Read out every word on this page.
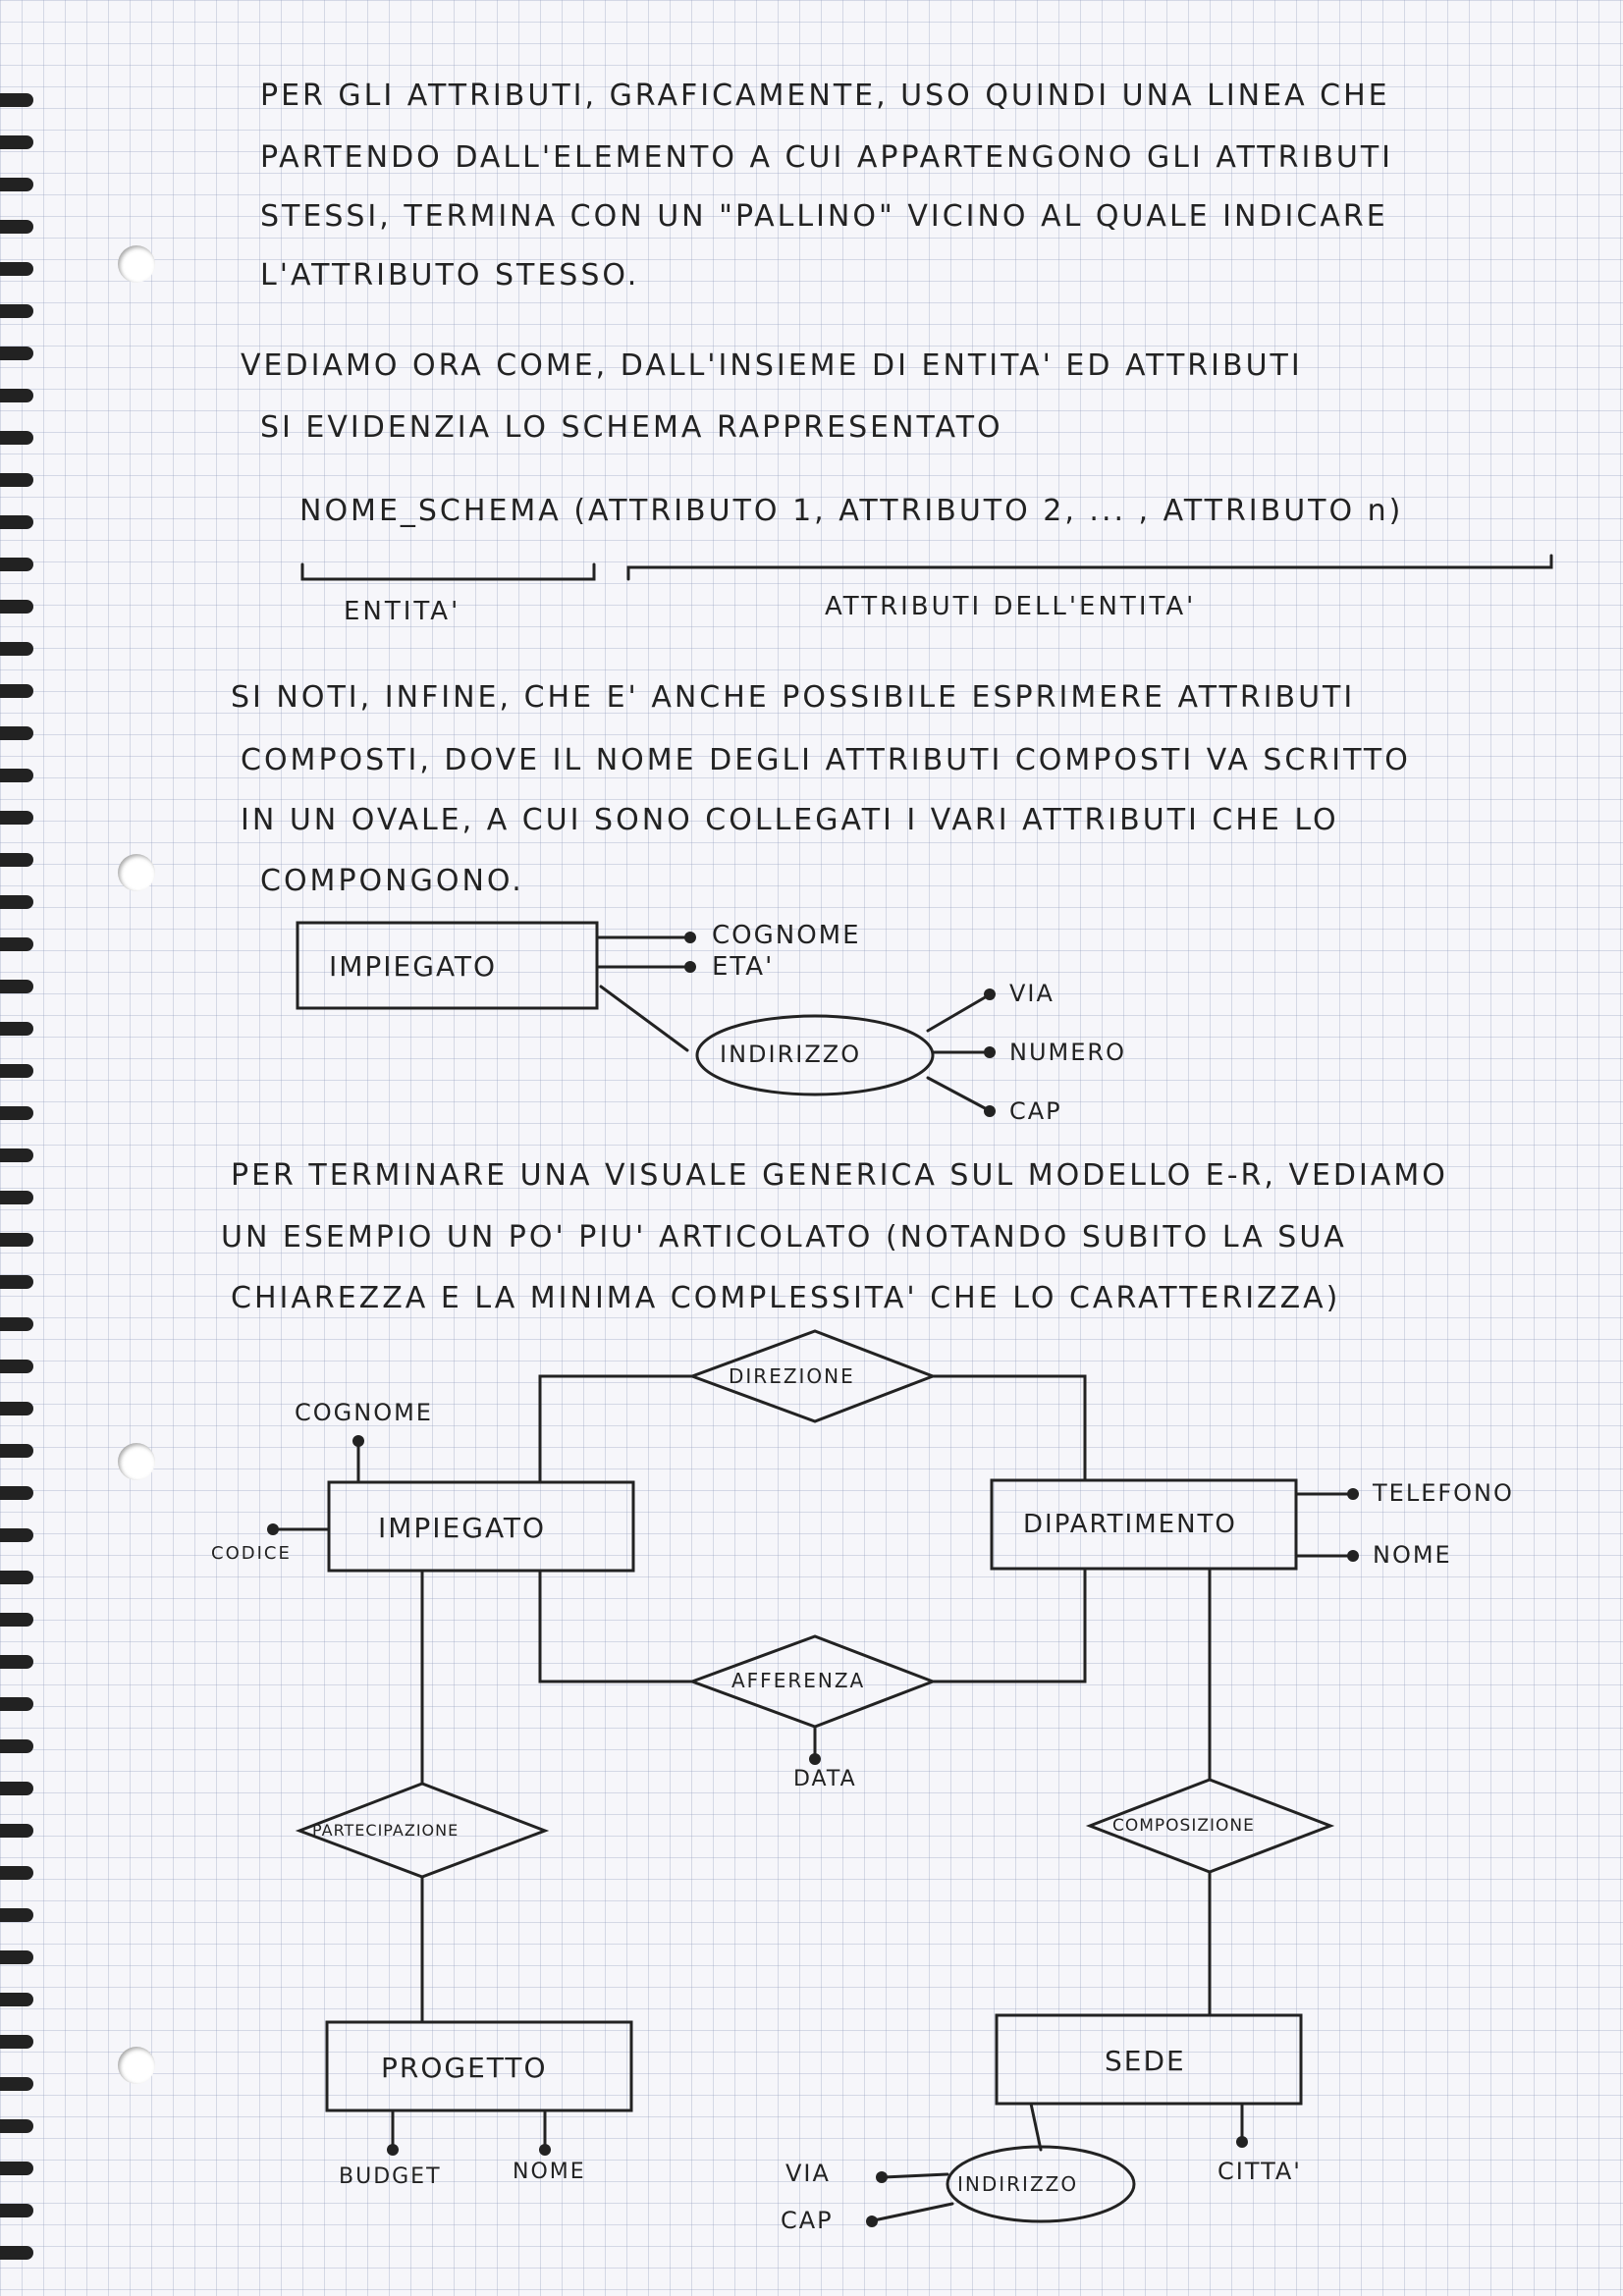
PER GLI ATTRIBUTI, GRAFICAMENTE, USO QUINDI UNA LINEA CHE
PARTENDO DALL'ELEMENTO A CUI APPARTENGONO GLI ATTRIBUTI
STESSI, TERMINA CON UN "PALLINO" VICINO AL QUALE INDICARE
L'ATTRIBUTO STESSO.
VEDIAMO ORA COME, DALL'INSIEME DI ENTITA' ED ATTRIBUTI
SI EVIDENZIA LO SCHEMA RAPPRESENTATO
NOME_SCHEMA (ATTRIBUTO 1, ATTRIBUTO 2, ... , ATTRIBUTO n)
ENTITA'	ATTRIBUTI DELL'ENTITA'
SI NOTI, INFINE, CHE E' ANCHE POSSIBILE ESPRIMERE ATTRIBUTI
COMPOSTI, DOVE IL NOME DEGLI ATTRIBUTI COMPOSTI VA SCRITTO
IN UN OVALE, A CUI SONO COLLEGATI I VARI ATTRIBUTI CHE LO
COMPONGONO.
PER TERMINARE UNA VISUALE GENERICA SUL MODELLO E-R, VEDIAMO
UN ESEMPIO UN PO' PIU' ARTICOLATO (NOTANDO SUBITO LA SUA
CHIAREZZA E LA MINIMA COMPLESSITA' CHE LO CARATTERIZZA)
IMPIEGATO
COGNOME
ETA'
INDIRIZZO
VIA
NUMERO
CAP
IMPIEGATO	DIPARTIMENTO
PROGETTO	SEDE
DIREZIONE
AFFERENZA
PARTECIPAZIONE	COMPOSIZIONE
COGNOME
CODICE
TELEFONO
NOME
DATA
BUDGET	NOME	INDIRIZZO
VIA
CAP
CITTA'
